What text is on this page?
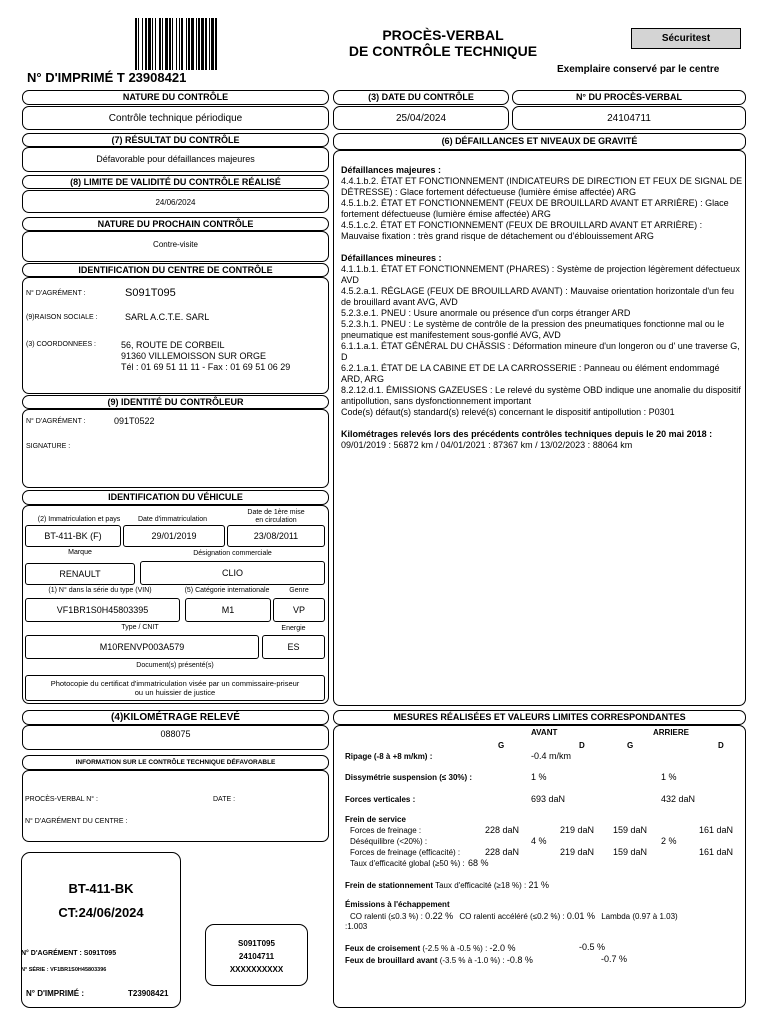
N° D'IMPRIMÉ T 23908421
PROCÈS-VERBAL
DE CONTRÔLE TECHNIQUE
Sécuritest
Exemplaire conservé par le centre
NATURE DU CONTRÔLE
Contrôle technique périodique
(3) DATE DU CONTRÔLE
25/04/2024
N° DU PROCÈS-VERBAL
24104711
(7) RÉSULTAT DU CONTRÔLE
Défavorable pour défaillances majeures
(8) LIMITE DE VALIDITÉ DU CONTRÔLE RÉALISÉ
24/06/2024
NATURE DU PROCHAIN CONTRÔLE
Contre-visite
IDENTIFICATION DU CENTRE DE CONTRÔLE
N° D'AGRÉMENT :	S091T095
(9)RAISON SOCIALE :	SARL A.C.T.E. SARL
(3) COORDONNEES :	56, ROUTE DE CORBEIL
91360 VILLEMOISSON SUR ORGE
Tél : 01 69 51 11 11 - Fax : 01 69 51 06 29
(9) IDENTITÉ DU CONTRÔLEUR
N° D'AGRÉMENT :	091T0522
SIGNATURE :
IDENTIFICATION DU VÉHICULE
(2) Immatriculation et pays
BT-411-BK (F)
Date d'immatriculation
29/01/2019
Date de 1ère mise
en circulation
23/08/2011
Marque
RENAULT
Désignation commerciale
CLIO
(1) N° dans la série du type (VIN)
VF1BR1S0H45803395
(5) Catégorie internationale
M1
Genre
VP
Type / CNIT
M10RENVP003A579
Energie
ES
Document(s) présenté(s)
Photocopie du certificat d'immatriculation visée par un commissaire-priseur
ou un huissier de justice
(4)KILOMÉTRAGE RELEVÉ
088075
INFORMATION SUR LE CONTRÔLE TECHNIQUE DÉFAVORABLE
PROCÈS-VERBAL N° :	DATE :
N° D'AGRÉMENT DU CENTRE :
BT-411-BK
CT:24/06/2024
N° D'AGRÉMENT : S091T095
N° SÉRIE : VF1BR1S0H45803396
N° D'IMPRIMÉ :	T23908421
S091T095
24104711
XXXXXXXXXX
(6) DÉFAILLANCES ET NIVEAUX DE GRAVITÉ

Défaillances majeures :

4.4.1.b.2. ÉTAT ET FONCTIONNEMENT (INDICATEURS DE DIRECTION ET FEUX DE SIGNAL DE DÉTRESSE) : Glace fortement défectueuse (lumière émise affectée) ARG

4.5.1.b.2. ÉTAT ET FONCTIONNEMENT (FEUX DE BROUILLARD AVANT ET ARRIÈRE) : Glace fortement défectueuse (lumière émise affectée) ARG

4.5.1.c.2. ÉTAT ET FONCTIONNEMENT (FEUX DE BROUILLARD AVANT ET ARRIÈRE) : Mauvaise fixation : très grand risque de détachement ou d'éblouissement ARG

Défaillances mineures :

4.1.1.b.1. ÉTAT ET FONCTIONNEMENT (PHARES) : Système de projection légèrement défectueux AVD

4.5.2.a.1. RÉGLAGE (FEUX DE BROUILLARD AVANT) : Mauvaise orientation horizontale d'un feu de brouillard avant AVG, AVD

5.2.3.e.1. PNEU : Usure anormale ou présence d'un corps étranger ARD

5.2.3.h.1. PNEU : Le système de contrôle de la pression des pneumatiques fonctionne mal ou le pneumatique est manifestement sous-gonflé AVG, AVD

6.1.1.a.1. ÉTAT GÉNÉRAL DU CHÂSSIS : Déformation mineure d'un longeron ou d' une traverse G, D

6.2.1.a.1. ÉTAT DE LA CABINE ET DE LA CARROSSERIE : Panneau ou élément endommagé ARD, ARG

8.2.12.d.1. ÉMISSIONS GAZEUSES : Le relevé du système OBD indique une anomalie du dispositif antipollution, sans dysfonctionnement important

Code(s) défaut(s) standard(s) relevé(s) concernant le dispositif antipollution : P0301

Kilométrages relevés lors des précédents contrôles techniques depuis le 20 mai 2018 : 09/01/2019 : 56872 km / 04/01/2021 : 87367 km / 13/02/2023 : 88064 km

MESURES RÉALISÉES ET VALEURS LIMITES CORRESPONDANTES
AVANT	ARRIERE
G	D	G	D
Ripage (-8 à +8 m/km) :	-0.4 m/km
Dissymétrie suspension (≤ 30%) :	1 %	1 %
Forces verticales :	693 daN	432 daN
Frein de service
Forces de freinage :	228 daN	219 daN 159 daN	161 daN
Déséquilibre (<20%) :	4 %	2 %
Forces de freinage (efficacité) :	228 daN	219 daN 159 daN	161 daN
Taux d'efficacité global (≥50 %) : 68 %
Frein de stationnement Taux d'efficacité (≥18 %) : 21 %
Émissions à l'échappement
CO ralenti (≤0.3 %) : 0.22 % CO ralenti accéléré (≤0.2 %) : 0.01 % Lambda (0.97 à 1.03)
:1.003
Feux de croisement (-2.5 % à -0.5 %) : -2.0 %	-0.5 %
Feux de brouillard avant (-3.5 % à -1.0 %) : -0.8 %	-0.7 %
